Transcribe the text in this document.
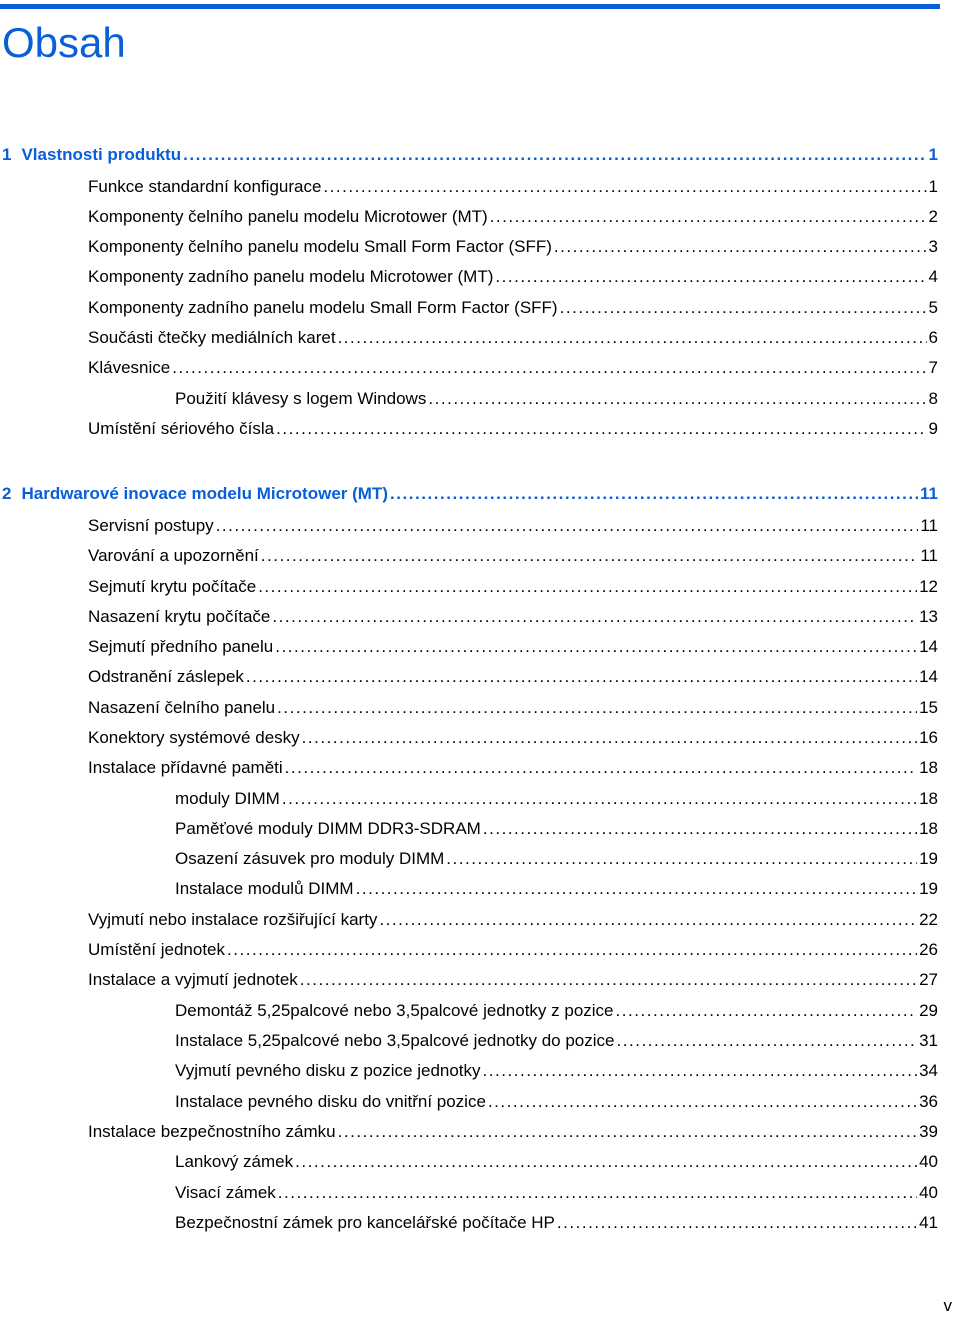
Obsah
1 Vlastnosti produktu . . .	1
Funkce standardní konfigurace . . .	1
Komponenty čelního panelu modelu Microtower (MT) . . .	2
Komponenty čelního panelu modelu Small Form Factor (SFF) . . .	3
Komponenty zadního panelu modelu Microtower (MT) . . .	4
Komponenty zadního panelu modelu Small Form Factor (SFF) . . .	5
Součásti čtečky mediálních karet . . .	6
Klávesnice . . .	7
Použití klávesy s logem Windows . . .	8
Umístění sériového čísla . . .	9
2 Hardwarové inovace modelu Microtower (MT) . . .	11
Servisní postupy . . .	11
Varování a upozornění . . .	11
Sejmutí krytu počítače . . .	12
Nasazení krytu počítače . . .	13
Sejmutí předního panelu . . .	14
Odstranění záslepek . . .	14
Nasazení čelního panelu . . .	15
Konektory systémové desky . . .	16
Instalace přídavné paměti . . .	18
moduly DIMM . . .	18
Paměťové moduly DIMM DDR3-SDRAM . . .	18
Osazení zásuvek pro moduly DIMM . . .	19
Instalace modulů DIMM . . .	19
Vyjmutí nebo instalace rozšiřující karty . . .	22
Umístění jednotek . . .	26
Instalace a vyjmutí jednotek . . .	27
Demontáž 5,25palcové nebo 3,5palcové jednotky z pozice . . .	29
Instalace 5,25palcové nebo 3,5palcové jednotky do pozice . . .	31
Vyjmutí pevného disku z pozice jednotky . . .	34
Instalace pevného disku do vnitřní pozice . . .	36
Instalace bezpečnostního zámku . . .	39
Lankový zámek . . .	40
Visací zámek . . .	40
Bezpečnostní zámek pro kancelářské počítače HP . . .	41
v
